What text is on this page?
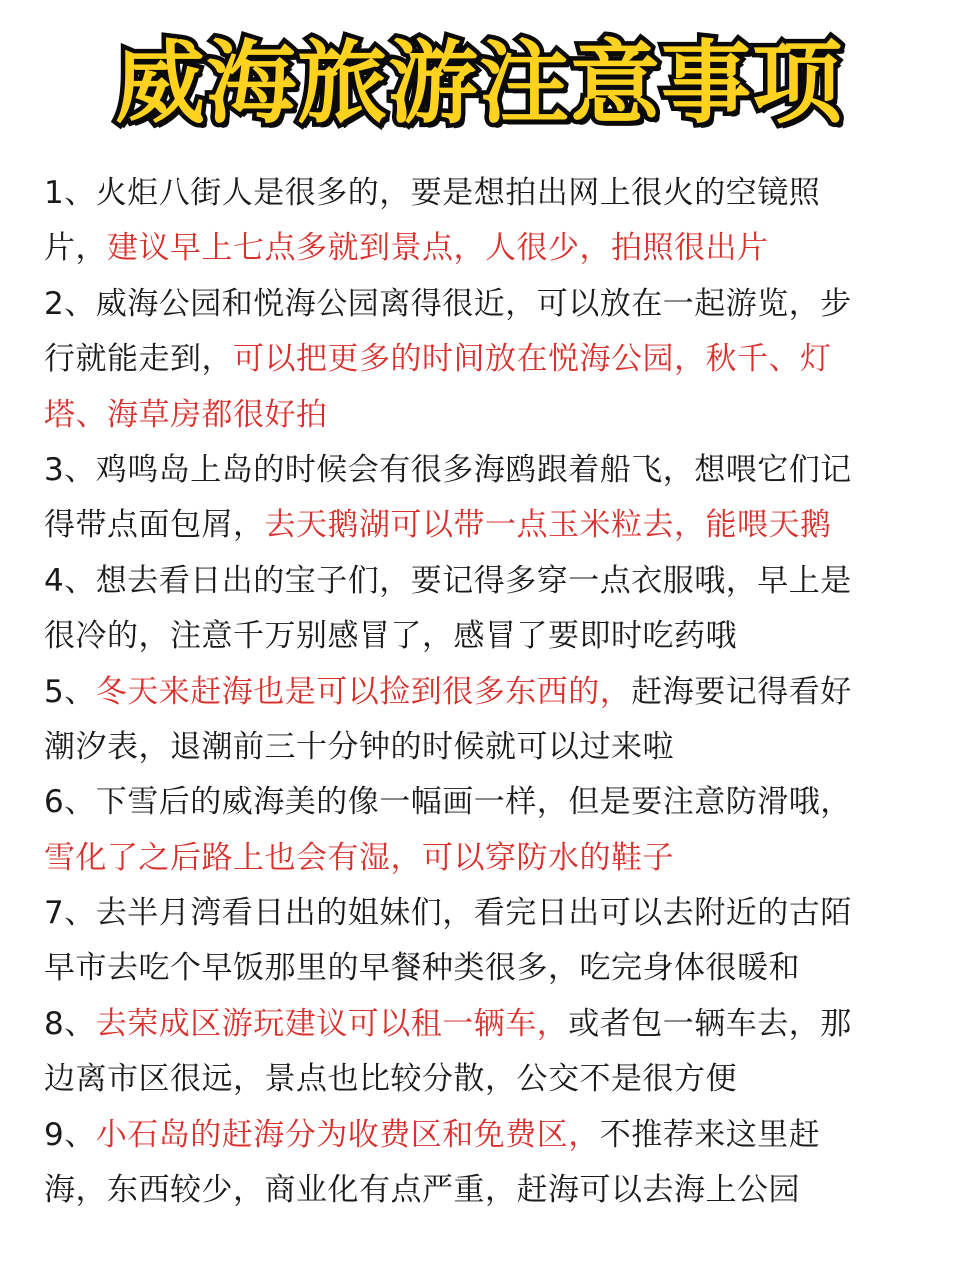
威海旅游注意事项
1、火炬八街人是很多的，要是想拍出网上很火的空镜照
片，建议早上七点多就到景点，人很少，拍照很出片
2、威海公园和悦海公园离得很近，可以放在一起游览，步
行就能走到，可以把更多的时间放在悦海公园，秋千、灯
塔、海草房都很好拍
3、鸡鸣岛上岛的时候会有很多海鸥跟着船飞，想喂它们记
得带点面包屑，去天鹅湖可以带一点玉米粒去，能喂天鹅
4、想去看日出的宝子们，要记得多穿一点衣服哦，早上是
很冷的，注意千万别感冒了，感冒了要即时吃药哦
5、冬天来赶海也是可以捡到很多东西的，赶海要记得看好
潮汐表，退潮前三十分钟的时候就可以过来啦
6、下雪后的威海美的像一幅画一样，但是要注意防滑哦，
雪化了之后路上也会有湿，可以穿防水的鞋子
7、去半月湾看日出的姐妹们，看完日出可以去附近的古陌
早市去吃个早饭那里的早餐种类很多，吃完身体很暖和
8、去荣成区游玩建议可以租一辆车，或者包一辆车去，那
边离市区很远，景点也比较分散，公交不是很方便
9、小石岛的赶海分为收费区和免费区，不推荐来这里赶
海，东西较少，商业化有点严重，赶海可以去海上公园
